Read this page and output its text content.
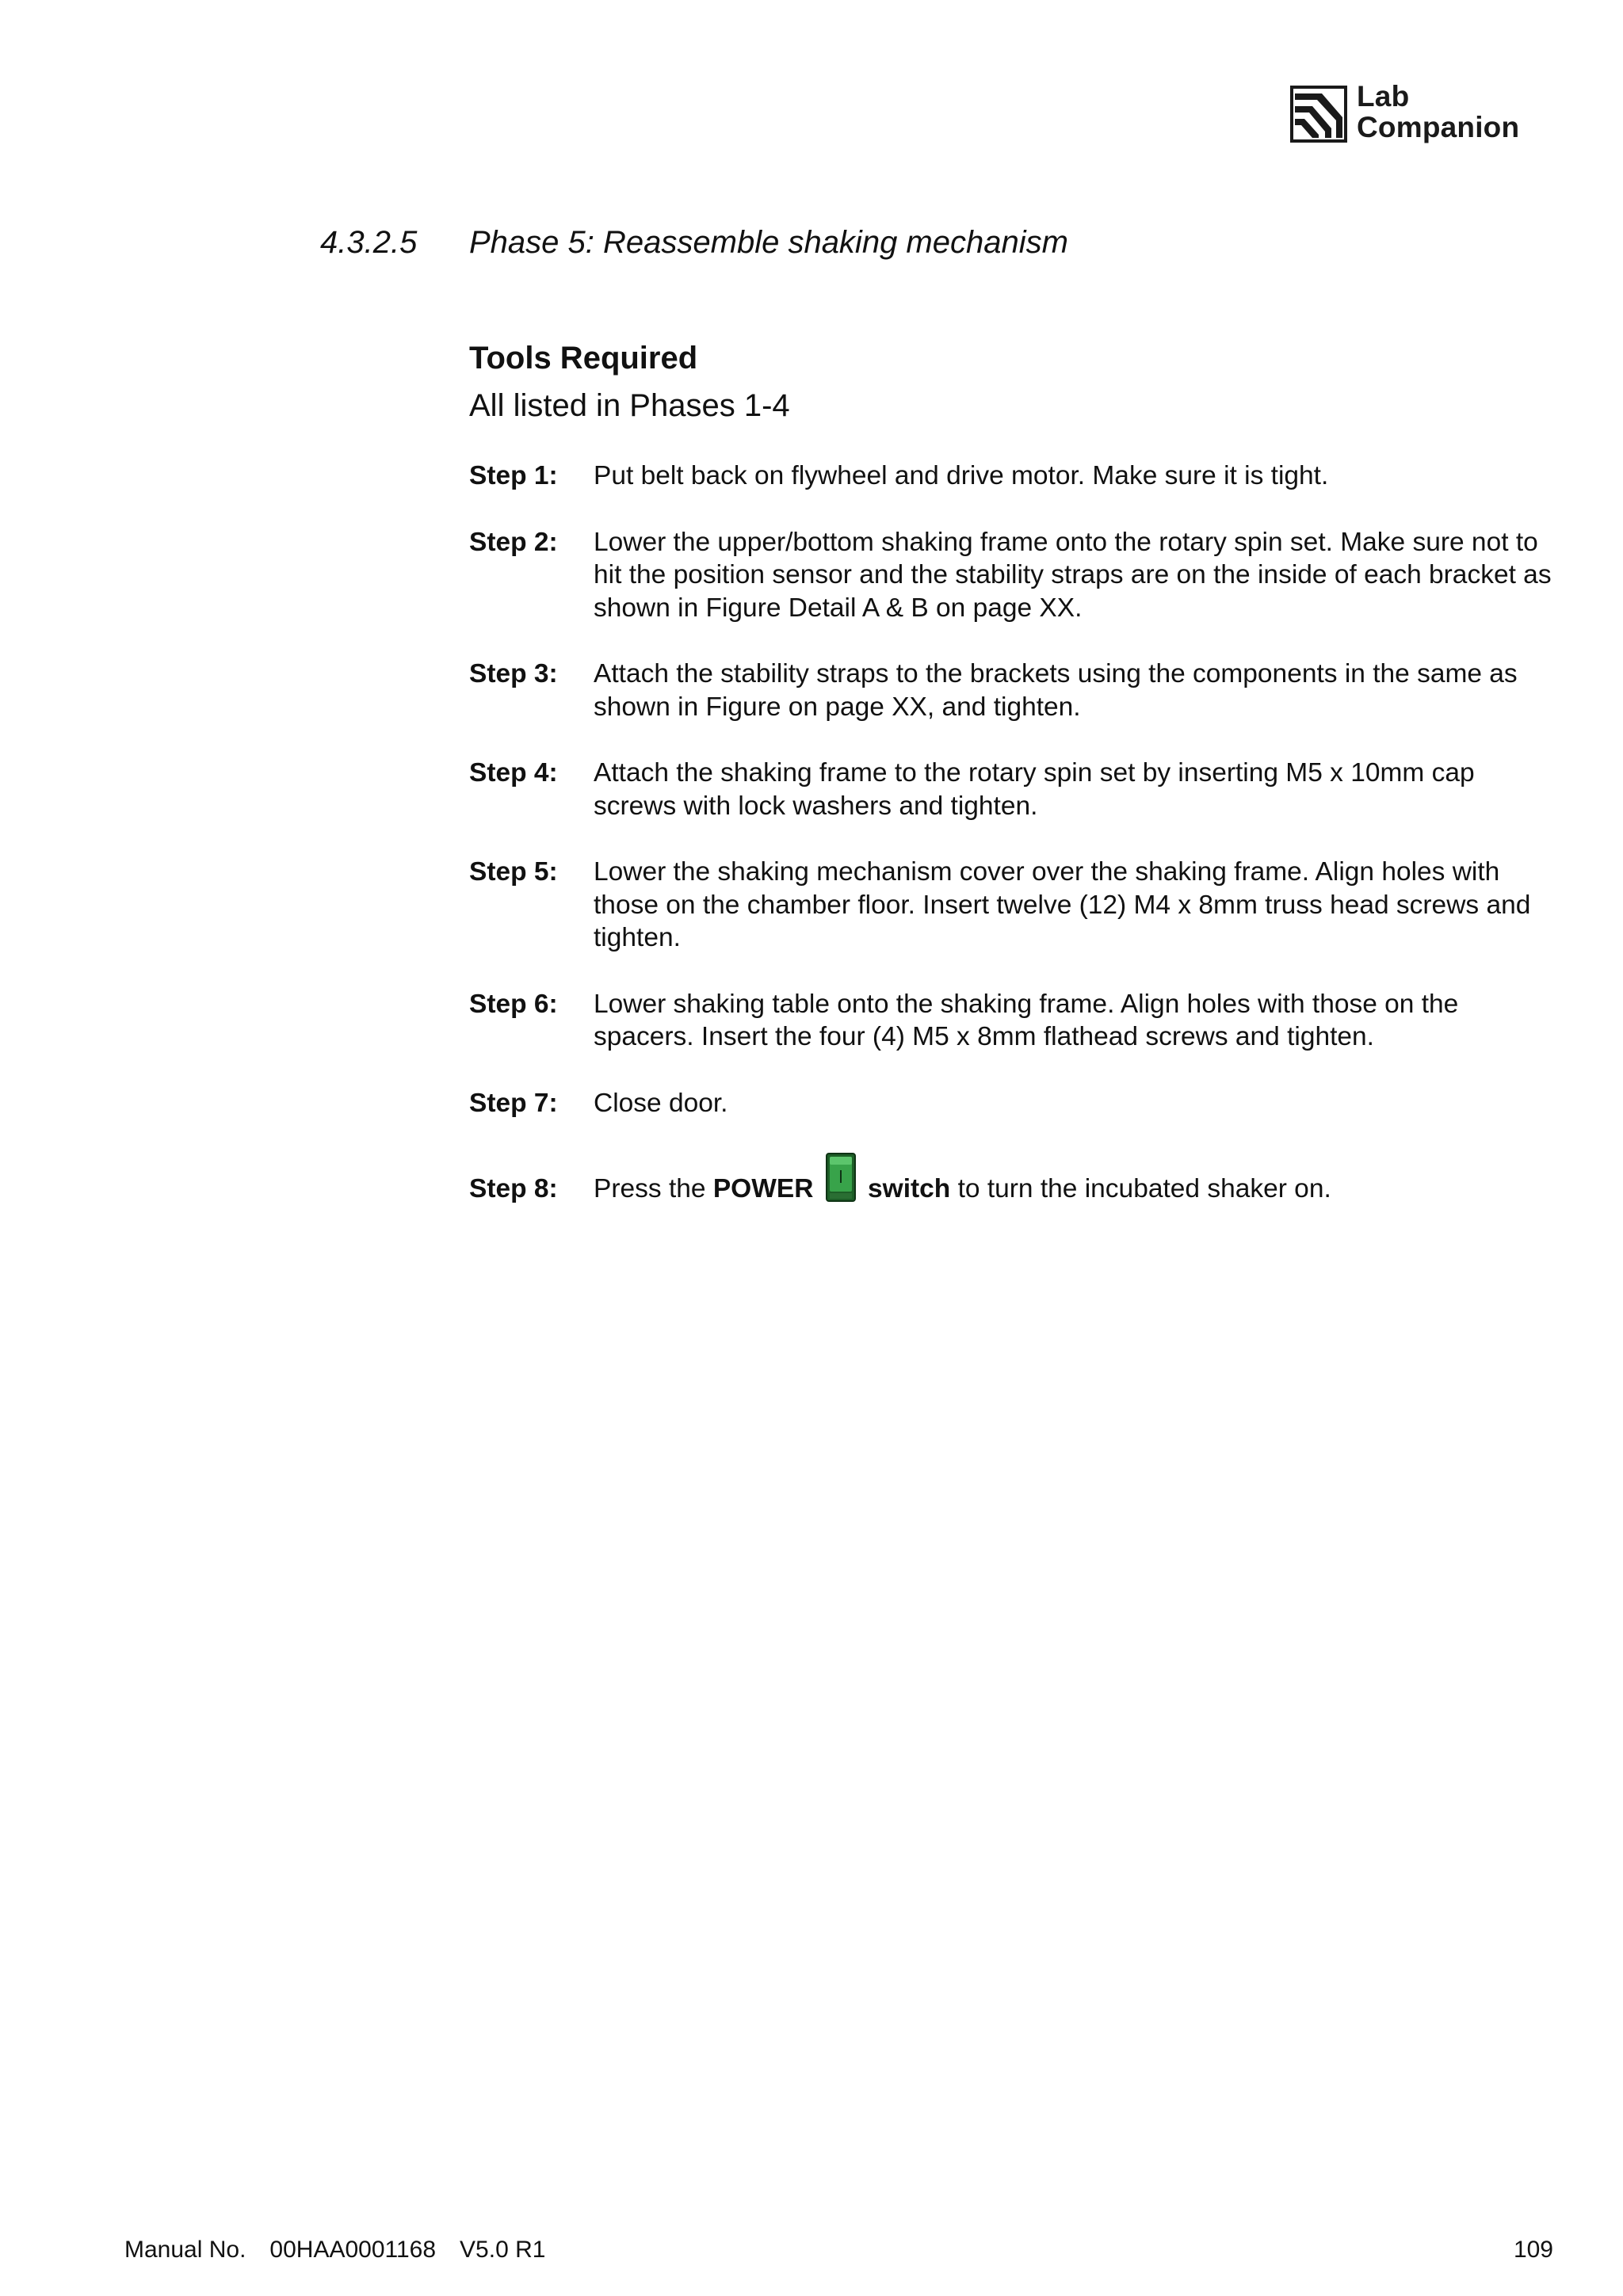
Lab
Companion
4.3.2.5 Phase 5: Reassemble shaking mechanism
Tools Required
All listed in Phases 1-4
Step 1:	Put belt back on flywheel and drive motor. Make sure it is tight.
Step 2:	Lower the upper/bottom shaking frame onto the rotary spin set. Make sure not to hit the position sensor and the stability straps are on the inside of each bracket as shown in Figure Detail A & B on page XX.
Step 3:	Attach the stability straps to the brackets using the components in the same as shown in Figure on page XX, and tighten.
Step 4:	Attach the shaking frame to the rotary spin set by inserting M5 x 10mm cap screws with lock washers and tighten.
Step 5:	Lower the shaking mechanism cover over the shaking frame. Align holes with those on the chamber floor. Insert twelve (12) M4 x 8mm truss head screws and tighten.
Step 6:	Lower shaking table onto the shaking frame. Align holes with those on the spacers. Insert the four (4) M5 x 8mm flathead screws and tighten.
Step 7:	Close door.
Step 8:	Press the POWER switch to turn the incubated shaker on.
Manual No. 00HAA0001168 V5.0 R1	109
